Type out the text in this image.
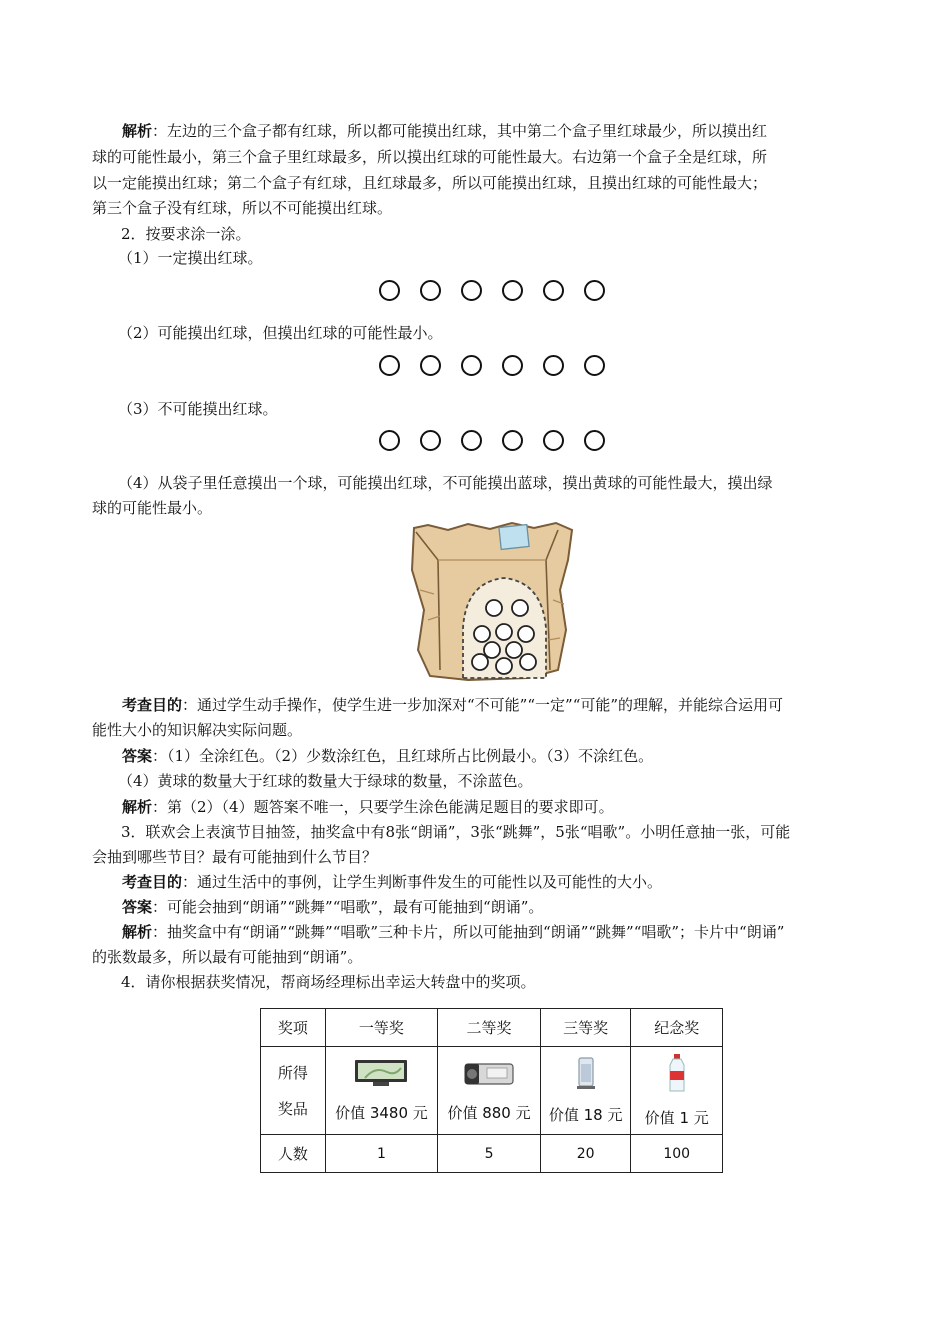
解析：左边的三个盒子都有红球，所以都可能摸出红球，其中第二个盒子里红球最少，所以摸出红

球的可能性最小，第三个盒子里红球最多，所以摸出红球的可能性最大。右边第一个盒子全是红球，所

以一定能摸出红球；第二个盒子有红球，且红球最多，所以可能摸出红球，且摸出红球的可能性最大；

第三个盒子没有红球，所以不可能摸出红球。

2．按要求涂一涂。

（1）一定摸出红球。

（2）可能摸出红球，但摸出红球的可能性最小。

（3）不可能摸出红球。

（4）从袋子里任意摸出一个球，可能摸出红球，不可能摸出蓝球，摸出黄球的可能性最大，摸出绿

球的可能性最小。

考查目的：通过学生动手操作，使学生进一步加深对“不可能”“一定”“可能”的理解，并能综合运用可

能性大小的知识解决实际问题。

答案：（1）全涂红色。（2）少数涂红色，且红球所占比例最小。（3）不涂红色。

（4）黄球的数量大于红球的数量大于绿球的数量，不涂蓝色。

解析：第（2）（4）题答案不唯一，只要学生涂色能满足题目的要求即可。

3．联欢会上表演节目抽签，抽奖盒中有8张“朗诵”，3张“跳舞”，5张“唱歌”。小明任意抽一张，可能

会抽到哪些节目？最有可能抽到什么节目？

考查目的：通过生活中的事例，让学生判断事件发生的可能性以及可能性的大小。

答案：可能会抽到“朗诵”“跳舞”“唱歌”，最有可能抽到“朗诵”。

解析：抽奖盒中有“朗诵”“跳舞”“唱歌”三种卡片，所以可能抽到“朗诵”“跳舞”“唱歌”；卡片中“朗诵”

的张数最多，所以最有可能抽到“朗诵”。

4．请你根据获奖情况，帮商场经理标出幸运大转盘中的奖项。

奖项	一等奖	二等奖	三等奖	纪念奖

所得
奖品	价值 3480 元	价值 880 元	价值 18 元	价值 1 元

人数	1	5	20	100
